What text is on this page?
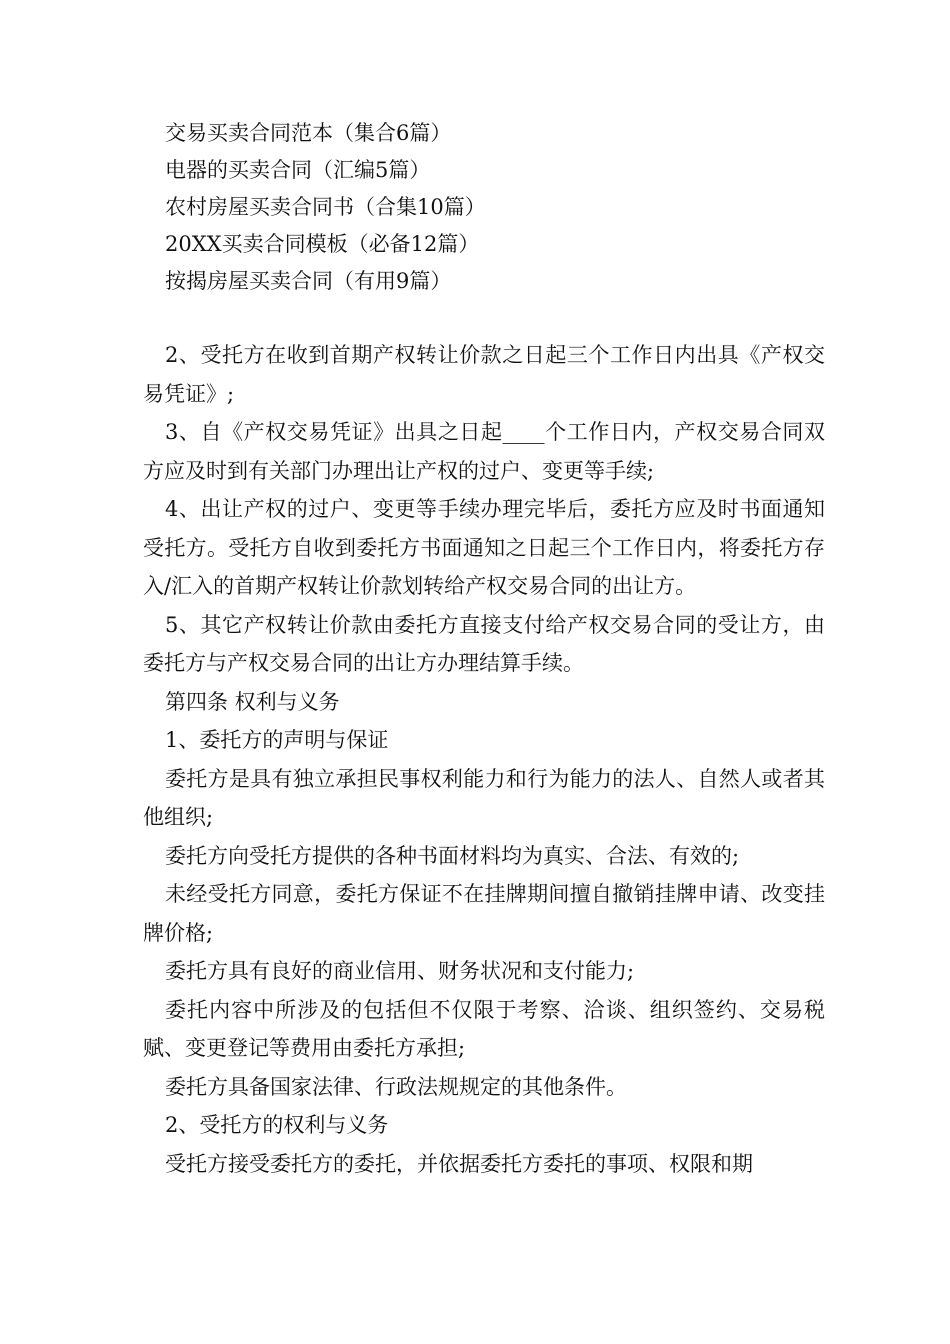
交易买卖合同范本（集合6篇）
电器的买卖合同（汇编5篇）
农村房屋买卖合同书（合集10篇）
20XX买卖合同模板（必备12篇）
按揭房屋买卖合同（有用9篇）

2、受托方在收到首期产权转让价款之日起三个工作日内出具《产权交易凭证》;

3、自《产权交易凭证》出具之日起____个工作日内，产权交易合同双方应及时到有关部门办理出让产权的过户、变更等手续;

4、出让产权的过户、变更等手续办理完毕后，委托方应及时书面通知受托方。受托方自收到委托方书面通知之日起三个工作日内，将委托方存入/汇入的首期产权转让价款划转给产权交易合同的出让方。

5、其它产权转让价款由委托方直接支付给产权交易合同的受让方，由委托方与产权交易合同的出让方办理结算手续。

第四条 权利与义务

1、委托方的声明与保证

委托方是具有独立承担民事权利能力和行为能力的法人、自然人或者其他组织;

委托方向受托方提供的各种书面材料均为真实、合法、有效的;

未经受托方同意，委托方保证不在挂牌期间擅自撤销挂牌申请、改变挂牌价格;

委托方具有良好的商业信用、财务状况和支付能力;

委托内容中所涉及的包括但不仅限于考察、洽谈、组织签约、交易税赋、变更登记等费用由委托方承担;

委托方具备国家法律、行政法规规定的其他条件。

2、受托方的权利与义务

受托方接受委托方的委托，并依据委托方委托的事项、权限和期
